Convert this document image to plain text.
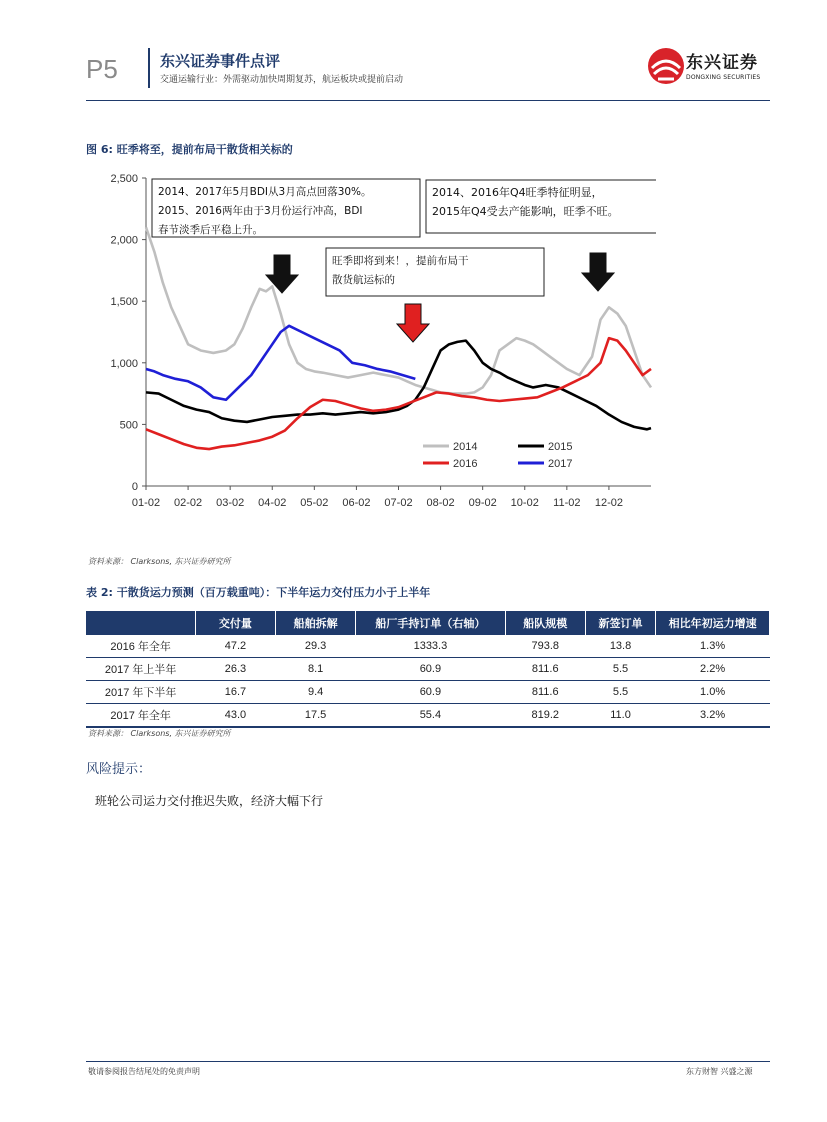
P5	东兴证券事件点评
交通运输行业：外需驱动加快周期复苏，航运板块或提前启动
东兴证券
DONGXING SECURITIES
图 6: 旺季将至，提前布局干散货相关标的
0
500
1,000
1,500
2,000
2,500
01-02 02-02 03-02 04-02 05-02 06-02 07-02 08-02 09-02 10-02 11-02 12-02
2014	2015
2016	2017
2014、2017年5月BDI从3月高点回落30%。
2015、2016两年由于3月份运行冲高，BDI
春节淡季后平稳上升。
2014、2016年Q4旺季特征明显，
2015年Q4受去产能影响，旺季不旺。
旺季即将到来！，提前布局干
散货航运标的
资料来源： Clarksons, 东兴证券研究所
表 2: 干散货运力预测（百万载重吨）：下半年运力交付压力小于上半年
	交付量	船舶拆解	船厂手持订单（右轴）	船队规模	新签订单	相比年初运力增速
2016 年全年	47.2	29.3	1333.3	793.8	13.8	1.3%
2017 年上半年	26.3	8.1	60.9	811.6	5.5	2.2%
2017 年下半年	16.7	9.4	60.9	811.6	5.5	1.0%
2017 年全年	43.0	17.5	55.4	819.2	11.0	3.2%
资料来源： Clarksons, 东兴证券研究所
风险提示：
班轮公司运力交付推迟失败，经济大幅下行
敬请参阅报告结尾处的免责声明	东方财智 兴盛之源
